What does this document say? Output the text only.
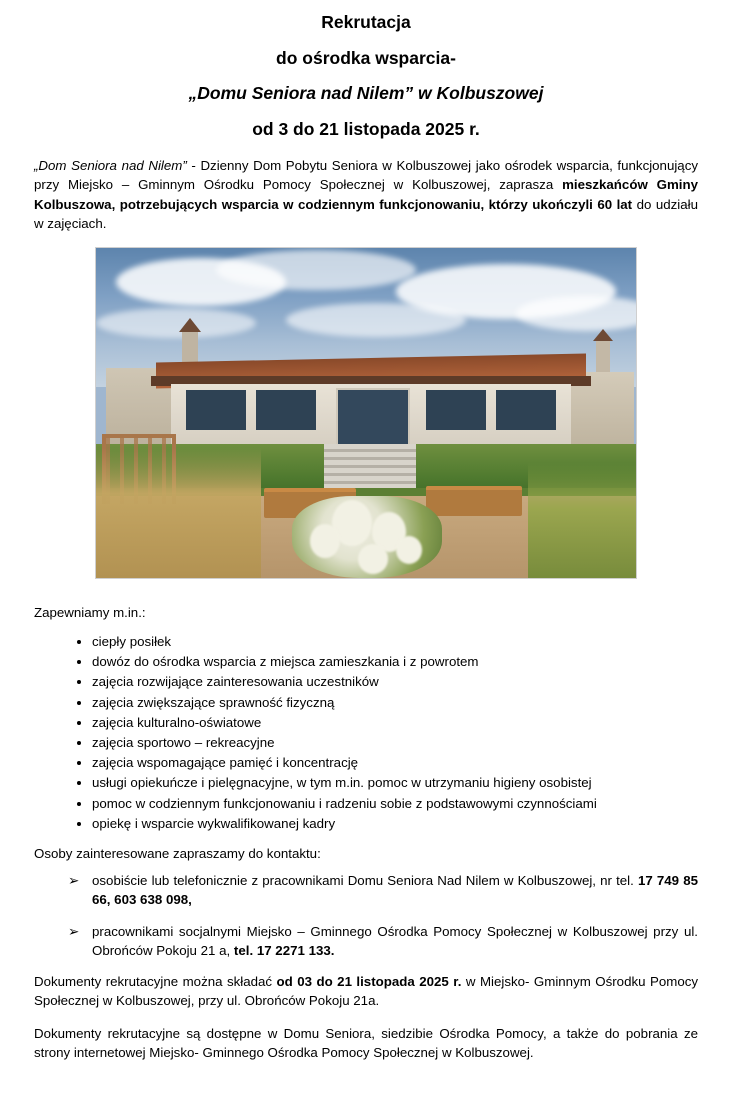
Rekrutacja
do ośrodka wsparcia-
„Domu Seniora nad Nilem” w Kolbuszowej
od 3 do 21 listopada 2025 r.

„Dom Seniora nad Nilem” - Dzienny Dom Pobytu Seniora w Kolbuszowej jako ośrodek wsparcia, funkcjonujący przy Miejsko – Gminnym Ośrodku Pomocy Społecznej w Kolbuszowej, zaprasza mieszkańców Gminy Kolbuszowa, potrzebujących wsparcia w codziennym funkcjonowaniu, którzy ukończyli 60 lat do udziału w zajęciach.

Zapewniamy m.in.:
• ciepły posiłek
• dowóz do ośrodka wsparcia z miejsca zamieszkania i z powrotem
• zajęcia rozwijające zainteresowania uczestników
• zajęcia zwiększające sprawność fizyczną
• zajęcia kulturalno-oświatowe
• zajęcia sportowo – rekreacyjne
• zajęcia wspomagające pamięć i koncentrację
• usługi opiekuńcze i pielęgnacyjne, w tym m.in. pomoc w utrzymaniu higieny osobistej
• pomoc w codziennym funkcjonowaniu i radzeniu sobie z podstawowymi czynnościami
• opiekę i wsparcie wykwalifikowanej kadry
Osoby zainteresowane zapraszamy do kontaktu:
➢ osobiście lub telefonicznie z pracownikami Domu Seniora Nad Nilem w Kolbuszowej, nr tel. 17 749 85 66, 603 638 098,
➢ pracownikami socjalnymi Miejsko – Gminnego Ośrodka Pomocy Społecznej w Kolbuszowej przy ul. Obrońców Pokoju 21 a, tel. 17 2271 133.

Dokumenty rekrutacyjne można składać od 03 do 21 listopada 2025 r. w Miejsko- Gminnym Ośrodku Pomocy Społecznej w Kolbuszowej, przy ul. Obrońców Pokoju 21a.

Dokumenty rekrutacyjne są dostępne w Domu Seniora, siedzibie Ośrodka Pomocy, a także do pobrania ze strony internetowej Miejsko- Gminnego Ośrodka Pomocy Społecznej w Kolbuszowej.
